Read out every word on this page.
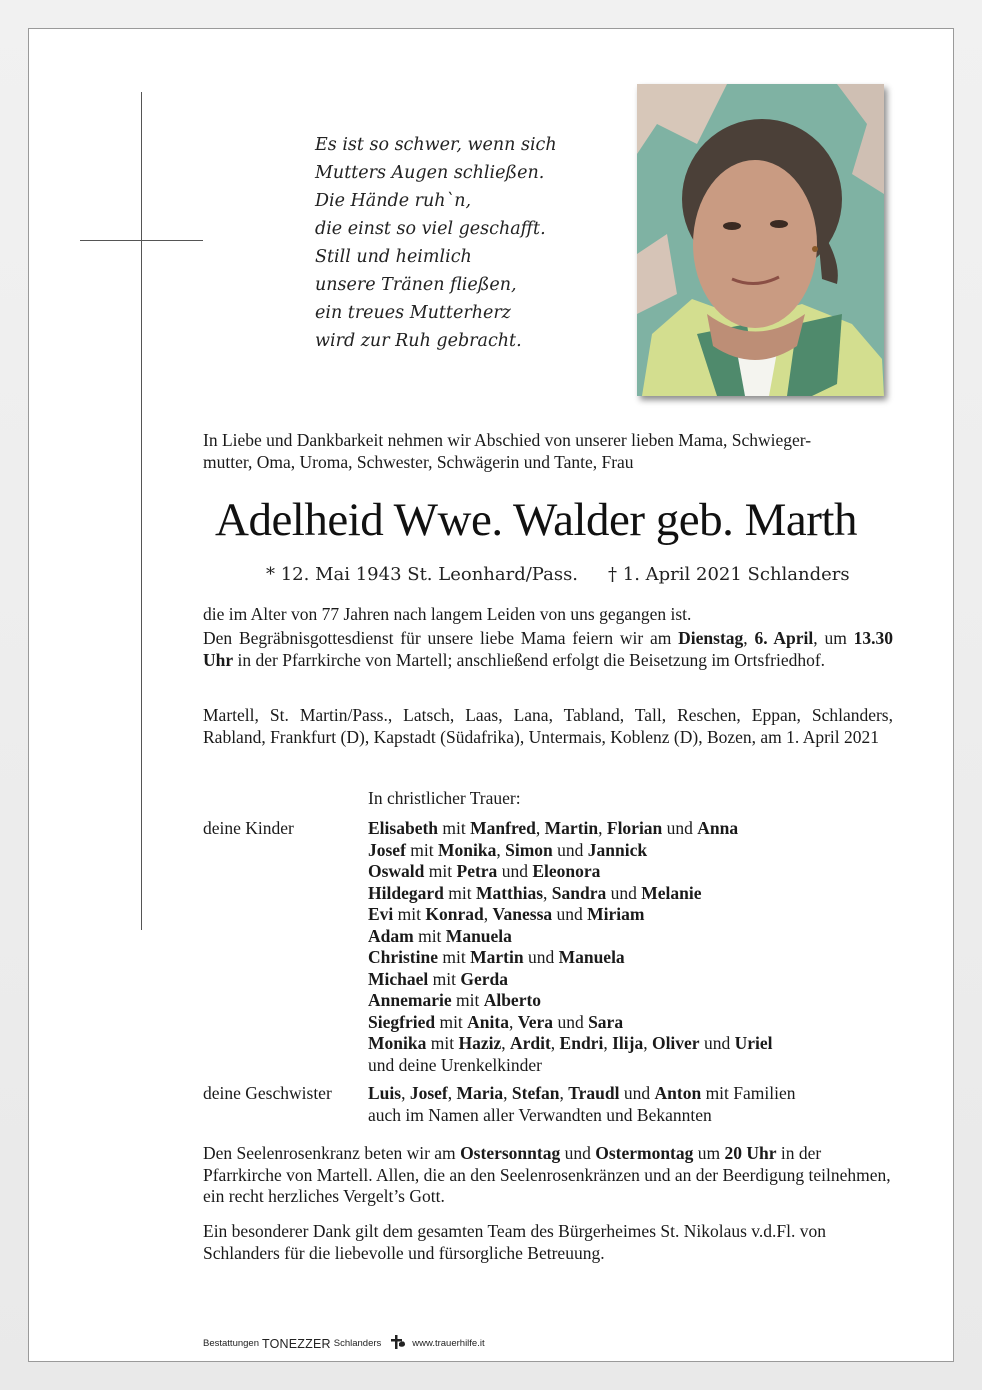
Es ist so schwer, wenn sich
Mutters Augen schließen.
Die Hände ruh`n,
die einst so viel geschafft.
Still und heimlich
unsere Tränen fließen,
ein treues Mutterherz
wird zur Ruh gebracht.
In Liebe und Dankbarkeit nehmen wir Abschied von unserer lieben Mama, Schwieger-
mutter, Oma, Uroma, Schwester, Schwägerin und Tante, Frau
Adelheid Wwe. Walder geb. Marth
* 12. Mai 1943 St. Leonhard/Pass. † 1. April 2021 Schlanders
die im Alter von 77 Jahren nach langem Leiden von uns gegangen ist.
Den Begräbnisgottesdienst für unsere liebe Mama feiern wir am Dienstag, 6. April, um 13.30 Uhr in der Pfarrkirche von Martell; anschließend erfolgt die Beisetzung im Ortsfriedhof.
Martell, St. Martin/Pass., Latsch, Laas, Lana, Tabland, Tall, Reschen, Eppan, Schlanders, Rabland, Frankfurt (D), Kapstadt (Südafrika), Untermais, Koblenz (D), Bozen, am 1. April 2021
In christlicher Trauer:
deine Kinder	Elisabeth mit Manfred, Martin, Florian und Anna
Josef mit Monika, Simon und Jannick
Oswald mit Petra und Eleonora
Hildegard mit Matthias, Sandra und Melanie
Evi mit Konrad, Vanessa und Miriam
Adam mit Manuela
Christine mit Martin und Manuela
Michael mit Gerda
Annemarie mit Alberto
Siegfried mit Anita, Vera und Sara
Monika mit Haziz, Ardit, Endri, Ilija, Oliver und Uriel
und deine Urenkelkinder
deine Geschwister Luis, Josef, Maria, Stefan, Traudl und Anton mit Familien
auch im Namen aller Verwandten und Bekannten
Den Seelenrosenkranz beten wir am Ostersonntag und Ostermontag um 20 Uhr in der Pfarrkirche von Martell. Allen, die an den Seelenrosenkränzen und an der Beerdigung teilnehmen, ein recht herzliches Vergelt’s Gott.
Ein besonderer Dank gilt dem gesamten Team des Bürgerheimes St. Nikolaus v.d.Fl. von Schlanders für die liebevolle und fürsorgliche Betreuung.
Bestattungen TONEZZER Schlanders	www.trauerhilfe.it
